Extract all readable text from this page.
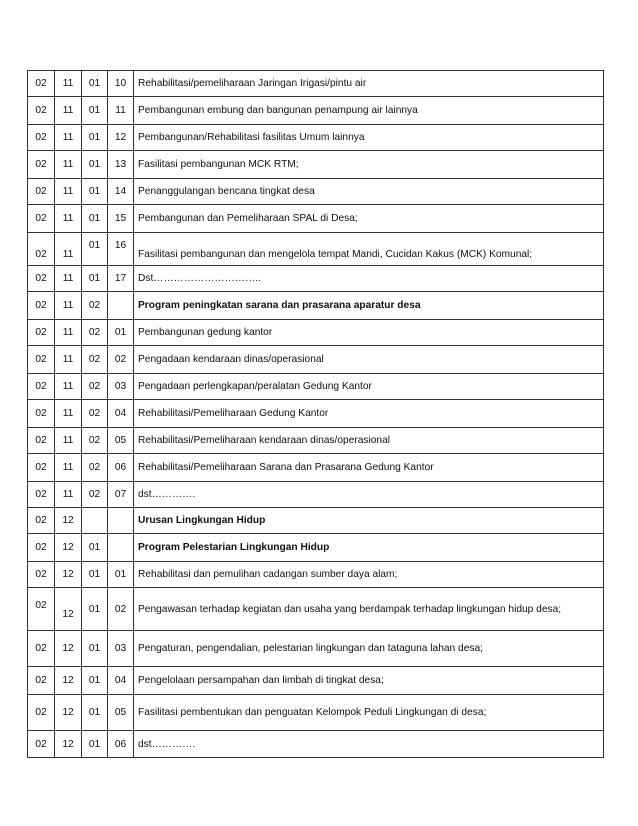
02	11	01	10	Rehabilitasi/pemeliharaan Jaringan Irigasi/pintu air
02	11	01	11	Pembangunan embung dan bangunan penampung air lainnya
02	11	01	12	Pembangunan/Rehabilitasi fasilitas Umum lainnya
02	11	01	13	Fasilitasi pembangunan MCK RTM;
02	11	01	14	Penanggulangan bencana tingkat desa
02	11	01	15	Pembangunan dan Pemeliharaan SPAL di Desa;
02	11	01	16	Fasilitasi pembangunan dan mengelola tempat Mandi, Cucidan Kakus (MCK) Komunal;
02	11	01	17	Dst…………………………..
02	11	02		Program peningkatan sarana dan prasarana aparatur desa
02	11	02	01	Pembangunan gedung kantor
02	11	02	02	Pengadaan kendaraan dinas/operasional
02	11	02	03	Pengadaan perlengkapan/peralatan Gedung Kantor
02	11	02	04	Rehabilitasi/Pemeliharaan Gedung Kantor
02	11	02	05	Rehabilitasi/Pemeliharaan kendaraan dinas/operasional
02	11	02	06	Rehabilitasi/Pemeliharaan Sarana dan Prasarana Gedung Kantor
02	11	02	07	dst………….
02	12			Urusan Lingkungan Hidup
02	12	01		Program Pelestarian Lingkungan Hidup
02	12	01	01	Rehabilitasi dan pemulihan cadangan sumber daya alam;
02	12	01	02	Pengawasan terhadap kegiatan dan usaha yang berdampak terhadap lingkungan hidup desa;
02	12	01	03	Pengaturan, pengendalian, pelestarian lingkungan dan tataguna lahan desa;
02	12	01	04	Pengelolaan persampahan dan limbah di tingkat desa;
02	12	01	05	Fasilitasi pembentukan dan penguatan Kelompok Peduli Lingkungan di desa;
02	12	01	06	dst………….
